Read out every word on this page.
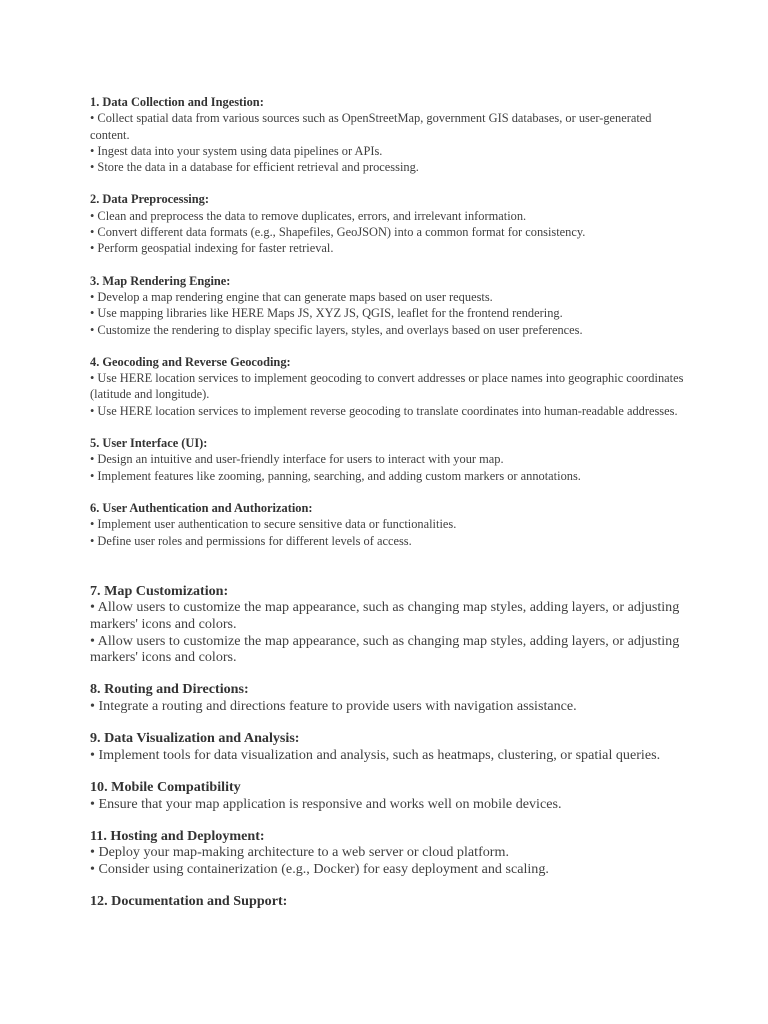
1. Data Collection and Ingestion:
• Collect spatial data from various sources such as OpenStreetMap, government GIS databases, or user-generated content.
• Ingest data into your system using data pipelines or APIs.
• Store the data in a database for efficient retrieval and processing.
2. Data Preprocessing:
• Clean and preprocess the data to remove duplicates, errors, and irrelevant information.
• Convert different data formats (e.g., Shapefiles, GeoJSON) into a common format for consistency.
• Perform geospatial indexing for faster retrieval.
3. Map Rendering Engine:
• Develop a map rendering engine that can generate maps based on user requests.
• Use mapping libraries like HERE Maps JS, XYZ JS, QGIS, leaflet for the frontend rendering.
• Customize the rendering to display specific layers, styles, and overlays based on user preferences.
4. Geocoding and Reverse Geocoding:
• Use HERE location services to implement geocoding to convert addresses or place names into geographic coordinates (latitude and longitude).
• Use HERE location services to implement reverse geocoding to translate coordinates into human-readable addresses.
5. User Interface (UI):
• Design an intuitive and user-friendly interface for users to interact with your map.
• Implement features like zooming, panning, searching, and adding custom markers or annotations.
6. User Authentication and Authorization:
• Implement user authentication to secure sensitive data or functionalities.
• Define user roles and permissions for different levels of access.
7. Map Customization:
• Allow users to customize the map appearance, such as changing map styles, adding layers, or adjusting markers' icons and colors.
• Allow users to customize the map appearance, such as changing map styles, adding layers, or adjusting markers' icons and colors.
8. Routing and Directions:
• Integrate a routing and directions feature to provide users with navigation assistance.
9. Data Visualization and Analysis:
• Implement tools for data visualization and analysis, such as heatmaps, clustering, or spatial queries.
10. Mobile Compatibility
• Ensure that your map application is responsive and works well on mobile devices.
11. Hosting and Deployment:
• Deploy your map-making architecture to a web server or cloud platform.
• Consider using containerization (e.g., Docker) for easy deployment and scaling.
12. Documentation and Support:
